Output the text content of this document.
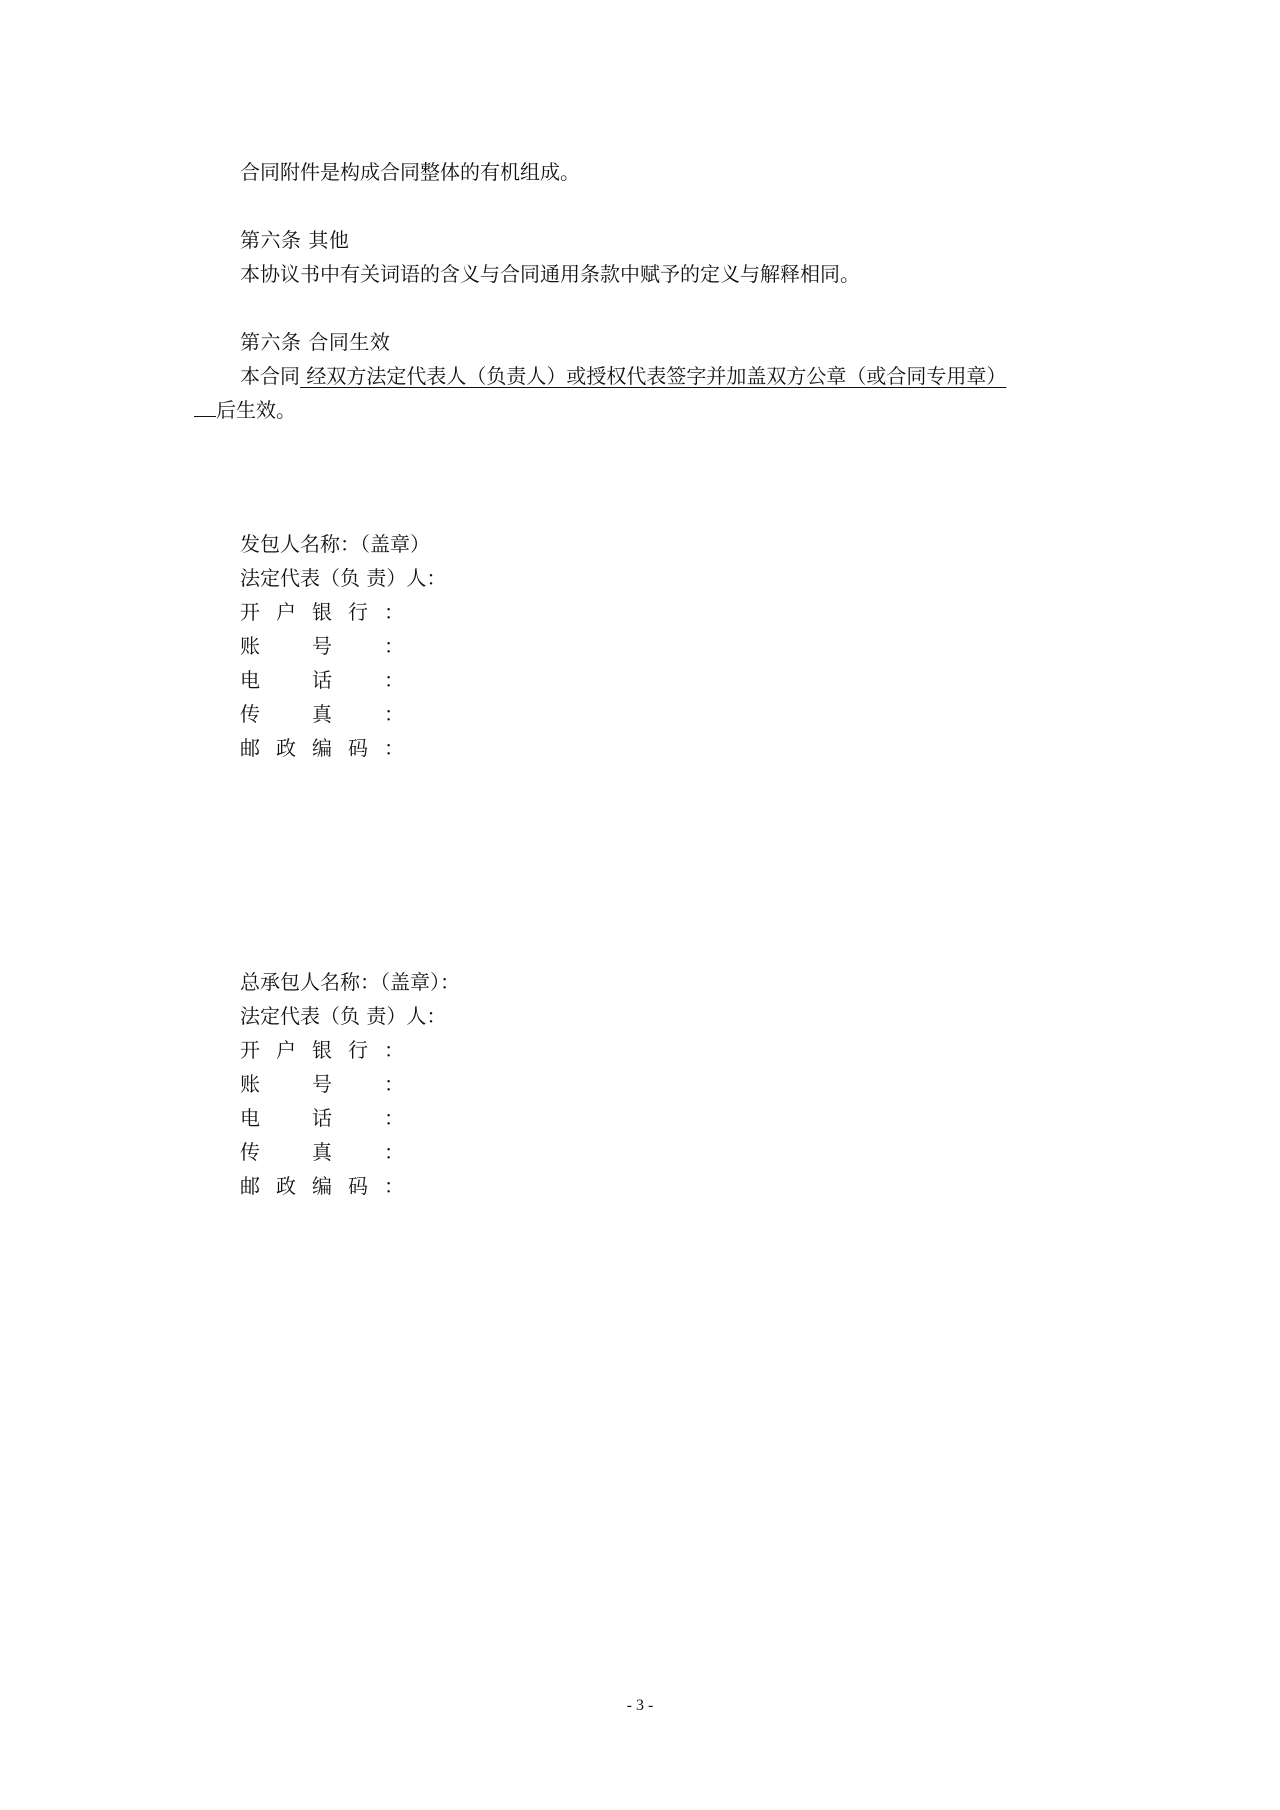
合同附件是构成合同整体的有机组成。
第六条 其他
本协议书中有关词语的含义与合同通用条款中赋予的定义与解释相同。
第六条 合同生效
本合同 经双方法定代表人（负责人）或授权代表签字并加盖双方公章（或合同专用章）
后生效。
发包人名称：（盖章）
法定代表（负 责）人：
开户银行：
账号：
电话：
传真：
邮政编码：
总承包人名称：（盖章）：
法定代表（负 责）人：
开户银行：
账号：
电话：
传真：
邮政编码：
- 3 -
